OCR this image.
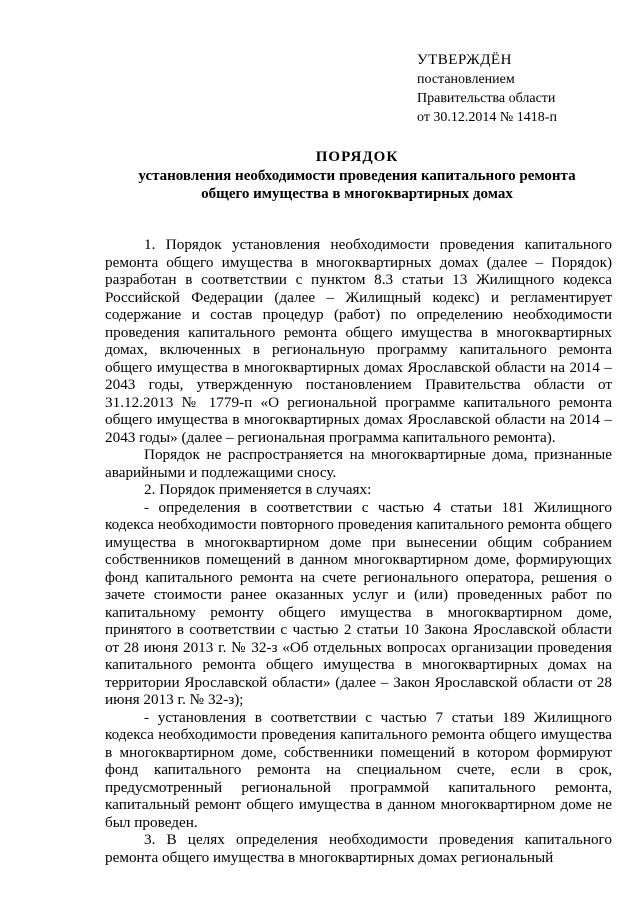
УТВЕРЖДЁН
постановлением
Правительства области
от 30.12.2014 № 1418-п
ПОРЯДОК
установления необходимости проведения капитального ремонта
общего имущества в многоквартирных домах

1. Порядок установления необходимости проведения капитального ремонта общего имущества в многоквартирных домах (далее – Порядок) разработан в соответствии с пунктом 8.3 статьи 13 Жилищного кодекса Российской Федерации (далее – Жилищный кодекс) и регламентирует содержание и состав процедур (работ) по определению необходимости проведения капитального ремонта общего имущества в многоквартирных домах, включенных в региональную программу капитального ремонта общего имущества в многоквартирных домах Ярославской области на 2014 – 2043 годы, утвержденную постановлением Правительства области от 31.12.2013 № 1779-п «О региональной программе капитального ремонта общего имущества в многоквартирных домах Ярославской области на 2014 – 2043 годы» (далее – региональная программа капитального ремонта).

Порядок не распространяется на многоквартирные дома, признанные аварийными и подлежащими сносу.

2. Порядок применяется в случаях:

- определения в соответствии с частью 4 статьи 181 Жилищного кодекса необходимости повторного проведения капитального ремонта общего имущества в многоквартирном доме при вынесении общим собранием собственников помещений в данном многоквартирном доме, формирующих фонд капитального ремонта на счете регионального оператора, решения о зачете стоимости ранее оказанных услуг и (или) проведенных работ по капитальному ремонту общего имущества в многоквартирном доме, принятого в соответствии с частью 2 статьи 10 Закона Ярославской области от 28 июня 2013 г. № 32-з «Об отдельных вопросах организации проведения капитального ремонта общего имущества в многоквартирных домах на территории Ярославской области» (далее – Закон Ярославской области от 28 июня 2013 г. № 32-з);

- установления в соответствии с частью 7 статьи 189 Жилищного кодекса необходимости проведения капитального ремонта общего имущества в многоквартирном доме, собственники помещений в котором формируют фонд капитального ремонта на специальном счете, если в срок, предусмотренный региональной программой капитального ремонта, капитальный ремонт общего имущества в данном многоквартирном доме не был проведен.

3. В целях определения необходимости проведения капитального ремонта общего имущества в многоквартирных домах региональный
